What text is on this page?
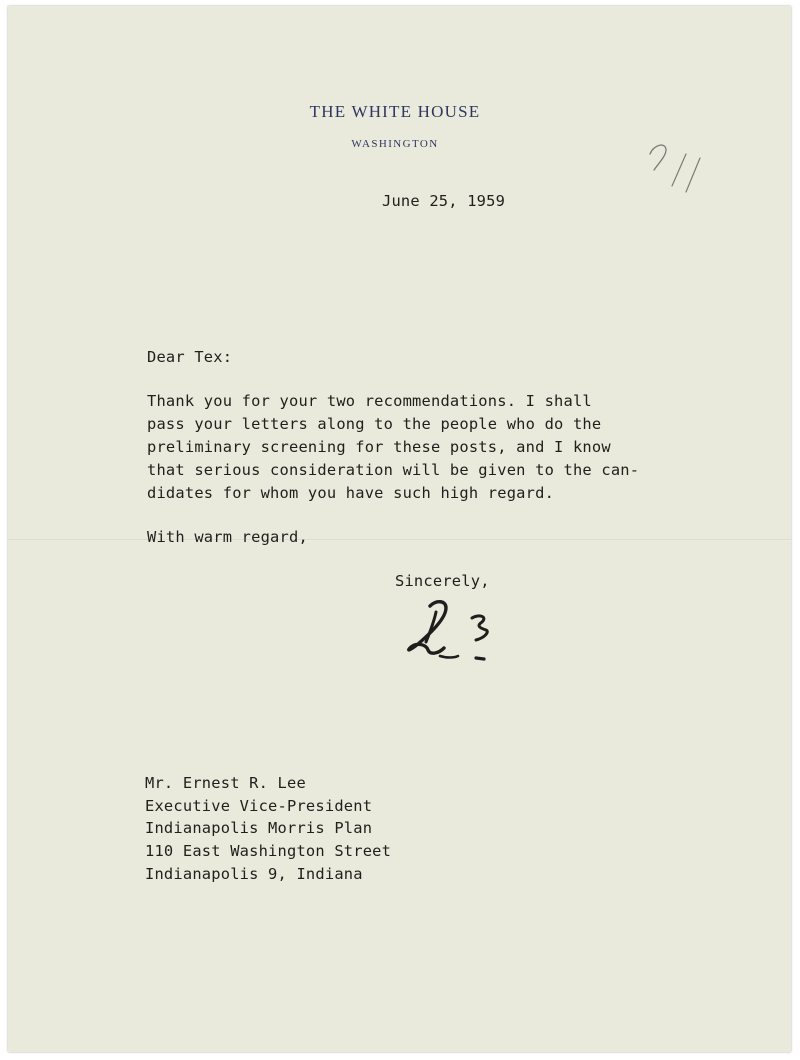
THE WHITE HOUSE
WASHINGTON
June 25, 1959
Dear Tex:
Thank you for your two recommendations. I shall
pass your letters along to the people who do the
preliminary screening for these posts, and I know
that serious consideration will be given to the can-
didates for whom you have such high regard.
With warm regard,
Sincerely,
Mr. Ernest R. Lee
Executive Vice-President
Indianapolis Morris Plan
110 East Washington Street
Indianapolis 9, Indiana
